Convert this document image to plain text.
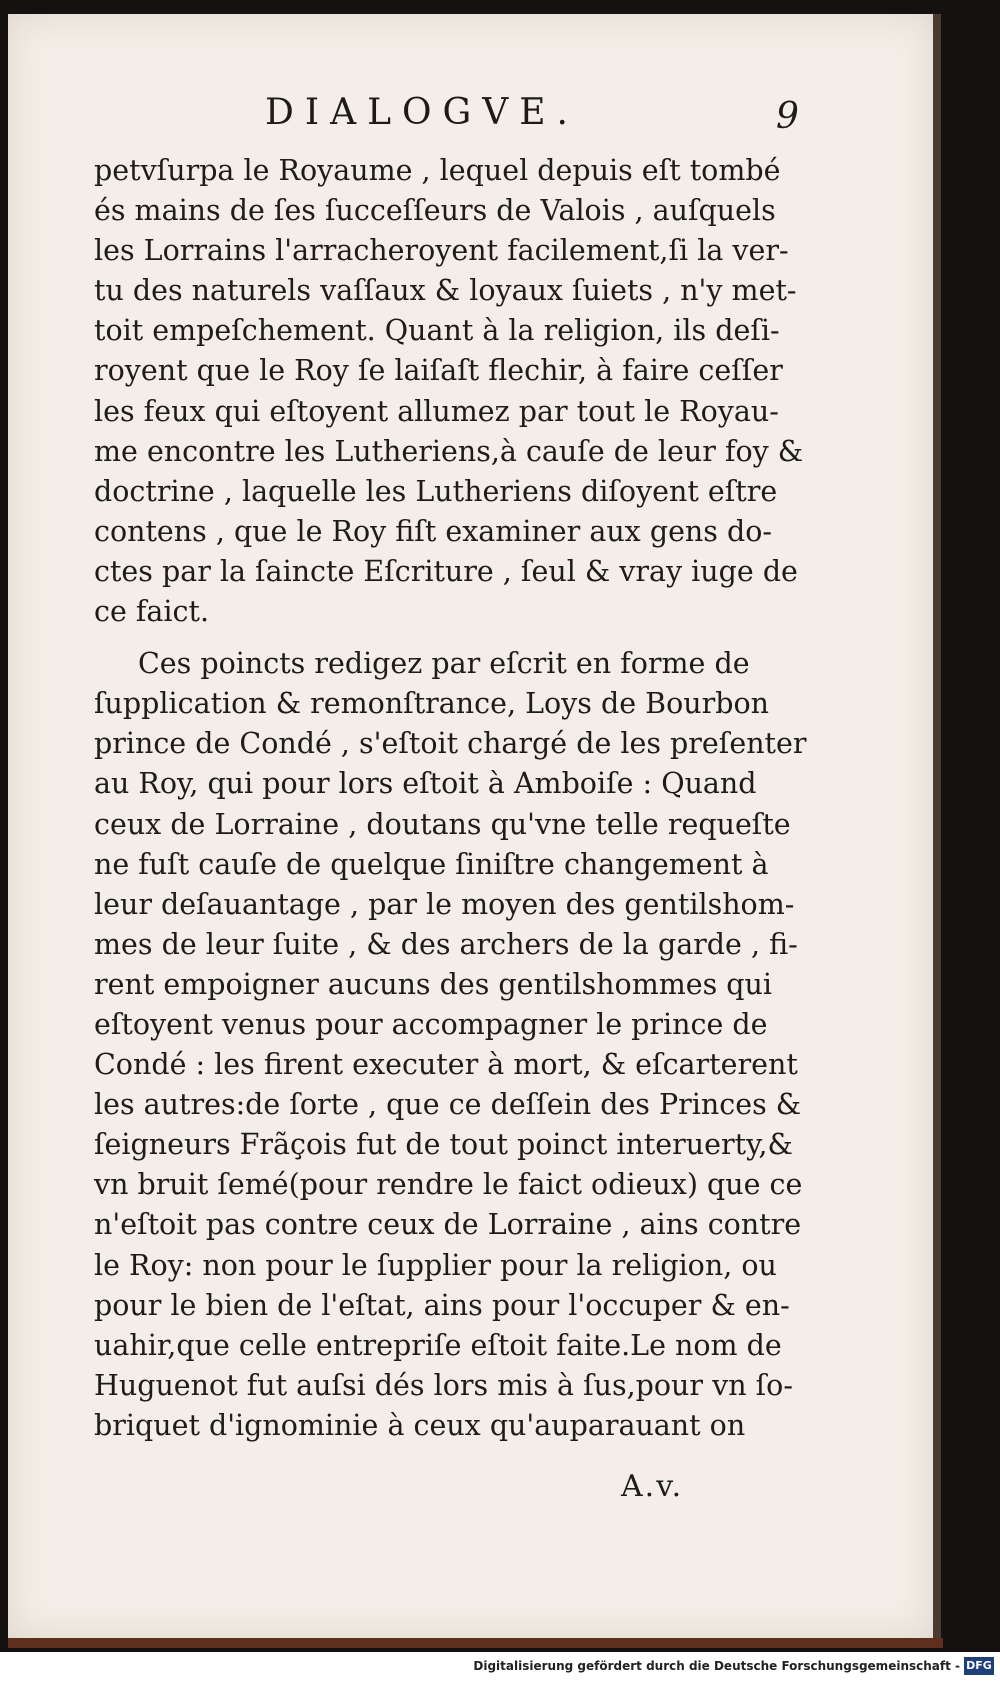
DIALOGVE.	9
petvſurpa le Royaume , lequel depuis eſt tombé
és mains de ſes ſucceſſeurs de Valois , auſquels
les Lorrains l'arracheroyent facilement,ſi la ver-
tu des naturels vaſſaux & loyaux ſuiets , n'y met-
toit empeſchement. Quant à la religion, ils deſi-
royent que le Roy ſe laiſaſt flechir, à faire ceſſer
les feux qui eſtoyent allumez par tout le Royau-
me encontre les Lutheriens,à cauſe de leur foy &
doctrine , laquelle les Lutheriens diſoyent eſtre
contens , que le Roy fiſt examiner aux gens do-
ctes par la ſaincte Eſcriture , ſeul & vray iuge de
ce faict.
Ces poincts redigez par eſcrit en forme de
ſupplication & remonſtrance, Loys de Bourbon
prince de Condé , s'eſtoit chargé de les preſenter
au Roy, qui pour lors eſtoit à Amboiſe : Quand
ceux de Lorraine , doutans qu'vne telle requeſte
ne fuſt cauſe de quelque ſiniſtre changement à
leur deſauantage , par le moyen des gentilshom-
mes de leur ſuite , & des archers de la garde , fi-
rent empoigner aucuns des gentilshommes qui
eſtoyent venus pour accompagner le prince de
Condé : les firent executer à mort, & eſcarterent
les autres:de ſorte , que ce deſſein des Princes &
ſeigneurs Frãçois fut de tout poinct interuerty,&
vn bruit ſemé(pour rendre le faict odieux) que ce
n'eſtoit pas contre ceux de Lorraine , ains contre
le Roy: non pour le ſupplier pour la religion, ou
pour le bien de l'eſtat, ains pour l'occuper & en-
uahir,que celle entrepriſe eſtoit faite.Le nom de
Huguenot fut auſsi dés lors mis à ſus,pour vn ſo-
briquet d'ignominie à ceux qu'auparauant on
A.v.
Digitalisierung gefördert durch die Deutsche Forschungsgemeinschaft - DFG
